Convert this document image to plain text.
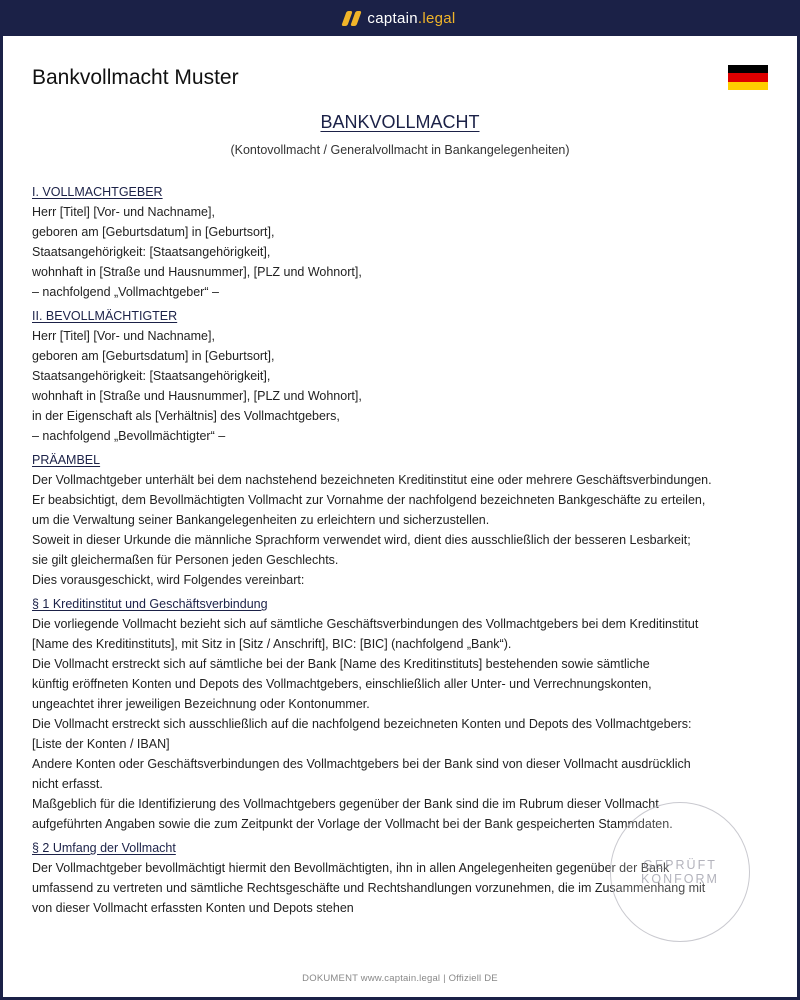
captain.legal
Bankvollmacht Muster
BANKVOLLMACHT
(Kontovollmacht / Generalvollmacht in Bankangelegenheiten)
I. VOLLMACHTGEBER
Herr [Titel] [Vor- und Nachname],
geboren am [Geburtsdatum] in [Geburtsort],
Staatsangehörigkeit: [Staatsangehörigkeit],
wohnhaft in [Straße und Hausnummer], [PLZ und Wohnort],
– nachfolgend „Vollmachtgeber“ –
II. BEVOLLMÄCHTIGTER
Herr [Titel] [Vor- und Nachname],
geboren am [Geburtsdatum] in [Geburtsort],
Staatsangehörigkeit: [Staatsangehörigkeit],
wohnhaft in [Straße und Hausnummer], [PLZ und Wohnort],
in der Eigenschaft als [Verhältnis] des Vollmachtgebers,
– nachfolgend „Bevollmächtigter“ –
PRÄAMBEL
Der Vollmachtgeber unterhält bei dem nachstehend bezeichneten Kreditinstitut eine oder mehrere Geschäftsverbindungen.
Er beabsichtigt, dem Bevollmächtigten Vollmacht zur Vornahme der nachfolgend bezeichneten Bankgeschäfte zu erteilen,
um die Verwaltung seiner Bankangelegenheiten zu erleichtern und sicherzustellen.
Soweit in dieser Urkunde die männliche Sprachform verwendet wird, dient dies ausschließlich der besseren Lesbarkeit;
sie gilt gleichermaßen für Personen jeden Geschlechts.
Dies vorausgeschickt, wird Folgendes vereinbart:
§ 1 Kreditinstitut und Geschäftsverbindung
Die vorliegende Vollmacht bezieht sich auf sämtliche Geschäftsverbindungen des Vollmachtgebers bei dem Kreditinstitut
[Name des Kreditinstituts], mit Sitz in [Sitz / Anschrift], BIC: [BIC] (nachfolgend „Bank“).
Die Vollmacht erstreckt sich auf sämtliche bei der Bank [Name des Kreditinstituts] bestehenden sowie sämtliche
künftig eröffneten Konten und Depots des Vollmachtgebers, einschließlich aller Unter- und Verrechnungskonten,
ungeachtet ihrer jeweiligen Bezeichnung oder Kontonummer.
Die Vollmacht erstreckt sich ausschließlich auf die nachfolgend bezeichneten Konten und Depots des Vollmachtgebers:
[Liste der Konten / IBAN]
Andere Konten oder Geschäftsverbindungen des Vollmachtgebers bei der Bank sind von dieser Vollmacht ausdrücklich
nicht erfasst.
Maßgeblich für die Identifizierung des Vollmachtgebers gegenüber der Bank sind die im Rubrum dieser Vollmacht
aufgeführten Angaben sowie die zum Zeitpunkt der Vorlage der Vollmacht bei der Bank gespeicherten Stammdaten.
§ 2 Umfang der Vollmacht
Der Vollmachtgeber bevollmächtigt hiermit den Bevollmächtigten, ihn in allen Angelegenheiten gegenüber der Bank
umfassend zu vertreten und sämtliche Rechtsgeschäfte und Rechtshandlungen vorzunehmen, die im Zusammenhang mit
von dieser Vollmacht erfassten Konten und Depots stehen
GEPRÜFT
KONFORM
DOKUMENT www.captain.legal | Offiziell DE
